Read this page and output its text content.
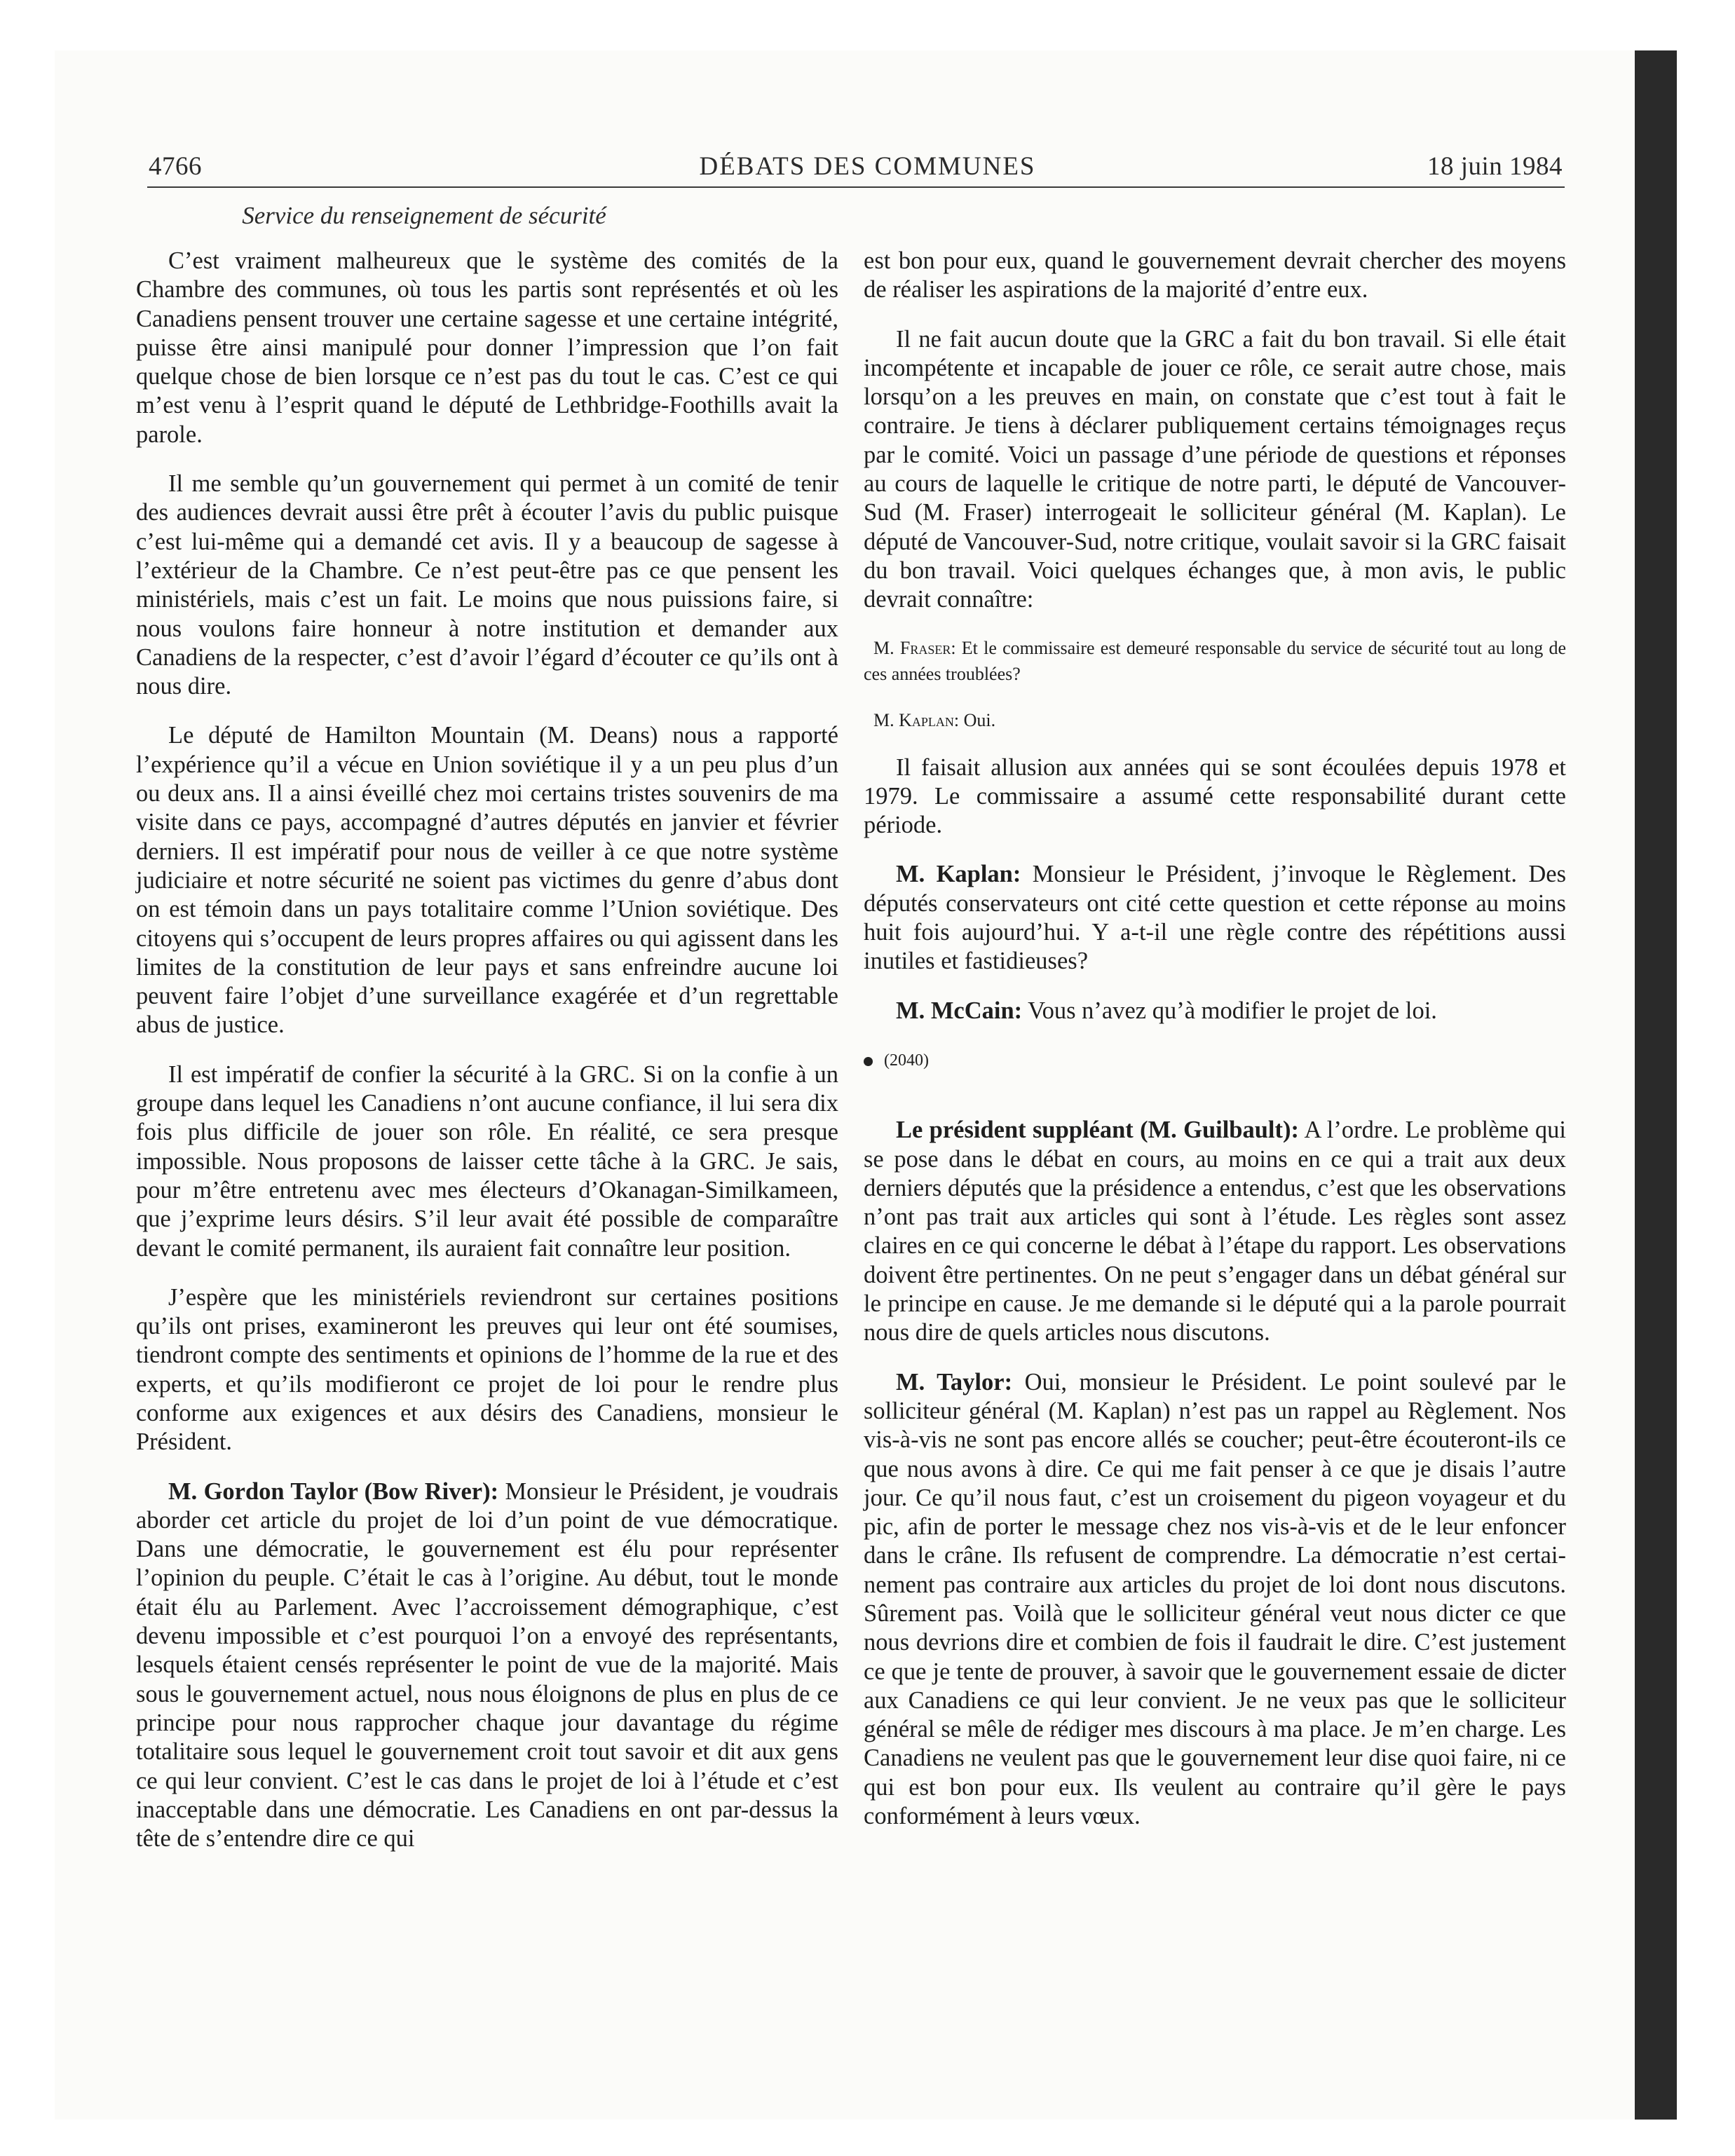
4766	DÉBATS DES COMMUNES	18 juin 1984
Service du renseignement de sécurité

C’est vraiment malheureux que le système des comités de la Chambre des communes, où tous les partis sont représentés et où les Canadiens pensent trouver une certaine sagesse et une certaine intégrité, puisse être ainsi manipulé pour donner l’impression que l’on fait quelque chose de bien lorsque ce n’est pas du tout le cas. C’est ce qui m’est venu à l’esprit quand le député de Lethbridge-Foothills avait la parole.

Il me semble qu’un gouvernement qui permet à un comité de tenir des audiences devrait aussi être prêt à écouter l’avis du public puisque c’est lui-même qui a demandé cet avis. Il y a beaucoup de sagesse à l’extérieur de la Chambre. Ce n’est peut-être pas ce que pensent les ministériels, mais c’est un fait. Le moins que nous puissions faire, si nous voulons faire honneur à notre institution et demander aux Canadiens de la respecter, c’est d’avoir l’égard d’écouter ce qu’ils ont à nous dire.

Le député de Hamilton Mountain (M. Deans) nous a rapporté l’expérience qu’il a vécue en Union soviétique il y a un peu plus d’un ou deux ans. Il a ainsi éveillé chez moi certains tristes souvenirs de ma visite dans ce pays, accompagné d’autres députés en janvier et février derniers. Il est impératif pour nous de veiller à ce que notre système judiciaire et notre sécurité ne soient pas victimes du genre d’abus dont on est témoin dans un pays totalitaire comme l’Union soviétique. Des citoyens qui s’occupent de leurs propres affaires ou qui agissent dans les limites de la constitution de leur pays et sans enfreindre aucune loi peuvent faire l’objet d’une surveillance exagérée et d’un regrettable abus de justice.

Il est impératif de confier la sécurité à la GRC. Si on la confie à un groupe dans lequel les Canadiens n’ont aucune confiance, il lui sera dix fois plus difficile de jouer son rôle. En réalité, ce sera presque impossible. Nous proposons de laisser cette tâche à la GRC. Je sais, pour m’être entretenu avec mes électeurs d’Okanagan-Similkameen, que j’exprime leurs désirs. S’il leur avait été possible de comparaître devant le comité permanent, ils auraient fait connaître leur position.

J’espère que les ministériels reviendront sur certaines positions qu’ils ont prises, examineront les preuves qui leur ont été soumises, tiendront compte des sentiments et opinions de l’homme de la rue et des experts, et qu’ils modifieront ce projet de loi pour le rendre plus conforme aux exigences et aux désirs des Canadiens, monsieur le Président.

M. Gordon Taylor (Bow River): Monsieur le Président, je voudrais aborder cet article du projet de loi d’un point de vue démocratique. Dans une démocratie, le gouvernement est élu pour représenter l’opinion du peuple. C’était le cas à l’origine. Au début, tout le monde était élu au Parlement. Avec l’accroissement démographique, c’est devenu impossible et c’est pourquoi l’on a envoyé des représentants, lesquels étaient censés représenter le point de vue de la majorité. Mais sous le gouvernement actuel, nous nous éloignons de plus en plus de ce principe pour nous rapprocher chaque jour davantage du régime totalitaire sous lequel le gouvernement croit tout savoir et dit aux gens ce qui leur convient. C’est le cas dans le projet de loi à l’étude et c’est inacceptable dans une démocratie. Les Canadiens en ont par-dessus la tête de s’entendre dire ce qui

est bon pour eux, quand le gouvernement devrait chercher des moyens de réaliser les aspirations de la majorité d’entre eux.

Il ne fait aucun doute que la GRC a fait du bon travail. Si elle était incompétente et incapable de jouer ce rôle, ce serait autre chose, mais lorsqu’on a les preuves en main, on constate que c’est tout à fait le contraire. Je tiens à déclarer publiquement certains témoignages reçus par le comité. Voici un passage d’une période de questions et réponses au cours de laquelle le critique de notre parti, le député de Vancouver-Sud (M. Fraser) interrogeait le solliciteur général (M. Kaplan). Le député de Vancouver-Sud, notre critique, voulait savoir si la GRC faisait du bon travail. Voici quelques échanges que, à mon avis, le public devrait connaître:

M. Fraser: Et le commissaire est demeuré responsable du service de sécurité tout au long de ces années troublées?

M. Kaplan: Oui.

Il faisait allusion aux années qui se sont écoulées depuis 1978 et 1979. Le commissaire a assumé cette responsabilité durant cette période.

M. Kaplan: Monsieur le Président, j’invoque le Règlement. Des députés conservateurs ont cité cette question et cette réponse au moins huit fois aujourd’hui. Y a-t-il une règle contre des répétitions aussi inutiles et fastidieuses?

M. McCain: Vous n’avez qu’à modifier le projet de loi.

(2040)

Le président suppléant (M. Guilbault): A l’ordre. Le problème qui se pose dans le débat en cours, au moins en ce qui a trait aux deux derniers députés que la présidence a entendus, c’est que les observations n’ont pas trait aux articles qui sont à l’étude. Les règles sont assez claires en ce qui concerne le débat à l’étape du rapport. Les observations doivent être pertinentes. On ne peut s’engager dans un débat général sur le principe en cause. Je me demande si le député qui a la parole pourrait nous dire de quels articles nous discutons.

M. Taylor: Oui, monsieur le Président. Le point soulevé par le solliciteur général (M. Kaplan) n’est pas un rappel au Règlement. Nos vis-à-vis ne sont pas encore allés se coucher; peut-être écouteront-ils ce que nous avons à dire. Ce qui me fait penser à ce que je disais l’autre jour. Ce qu’il nous faut, c’est un croisement du pigeon voyageur et du pic, afin de porter le message chez nos vis-à-vis et de le leur enfoncer dans le crâne. Ils refusent de comprendre. La démocratie n’est certainement pas contraire aux articles du projet de loi dont nous discutons. Sûrement pas. Voilà que le solliciteur général veut nous dicter ce que nous devrions dire et combien de fois il faudrait le dire. C’est justement ce que je tente de prouver, à savoir que le gouvernement essaie de dicter aux Canadiens ce qui leur convient. Je ne veux pas que le solliciteur général se mêle de rédiger mes discours à ma place. Je m’en charge. Les Canadiens ne veulent pas que le gouvernement leur dise quoi faire, ni ce qui est bon pour eux. Ils veulent au contraire qu’il gère le pays conformément à leurs vœux.
